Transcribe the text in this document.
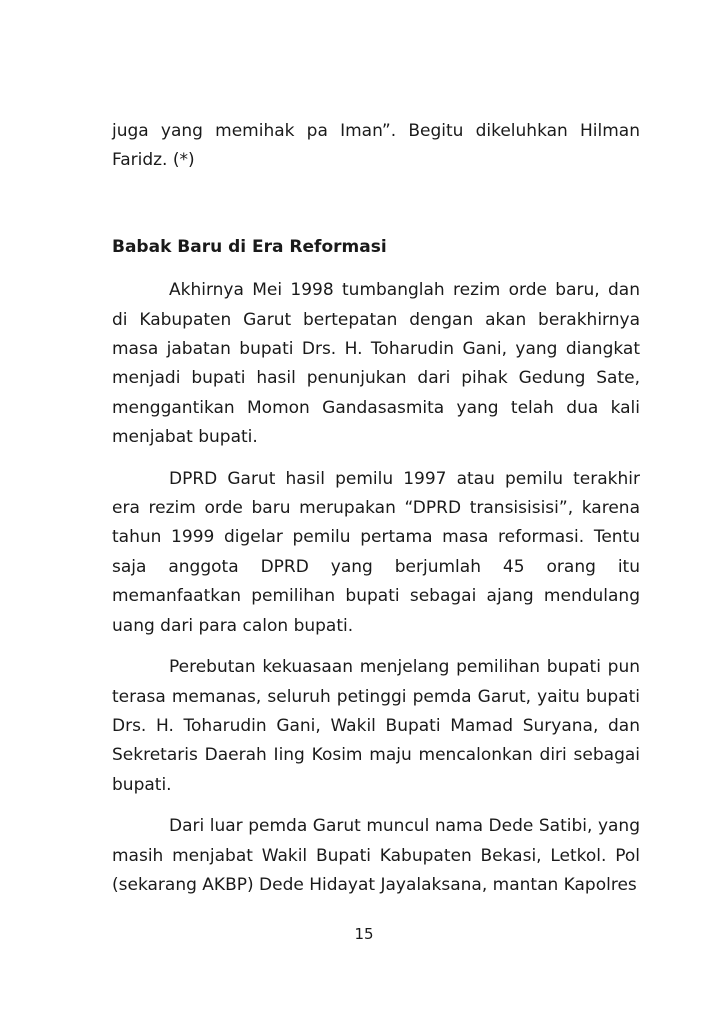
juga yang memihak pa Iman”. Begitu dikeluhkan Hilman Faridz. (*)

Babak Baru di Era Reformasi

Akhirnya Mei 1998 tumbanglah rezim orde baru, dan di Kabupaten Garut bertepatan dengan akan berakhirnya masa jabatan bupati Drs. H. Toharudin Gani, yang diangkat menjadi bupati hasil penunjukan dari pihak Gedung Sate, menggantikan Momon Gandasasmita yang telah dua kali menjabat bupati.

DPRD Garut hasil pemilu 1997 atau pemilu terakhir era rezim orde baru merupakan “DPRD transisisisi”, karena tahun 1999 digelar pemilu pertama masa reformasi. Tentu saja anggota DPRD yang berjumlah 45 orang itu memanfaatkan pemilihan bupati sebagai ajang mendulang uang dari para calon bupati.

Perebutan kekuasaan menjelang pemilihan bupati pun terasa memanas, seluruh petinggi pemda Garut, yaitu bupati Drs. H. Toharudin Gani, Wakil Bupati Mamad Suryana, dan Sekretaris Daerah Iing Kosim maju mencalonkan diri sebagai bupati.

Dari luar pemda Garut muncul nama Dede Satibi, yang masih menjabat Wakil Bupati Kabupaten Bekasi, Letkol. Pol (sekarang AKBP) Dede Hidayat Jayalaksana, mantan Kapolres

15
